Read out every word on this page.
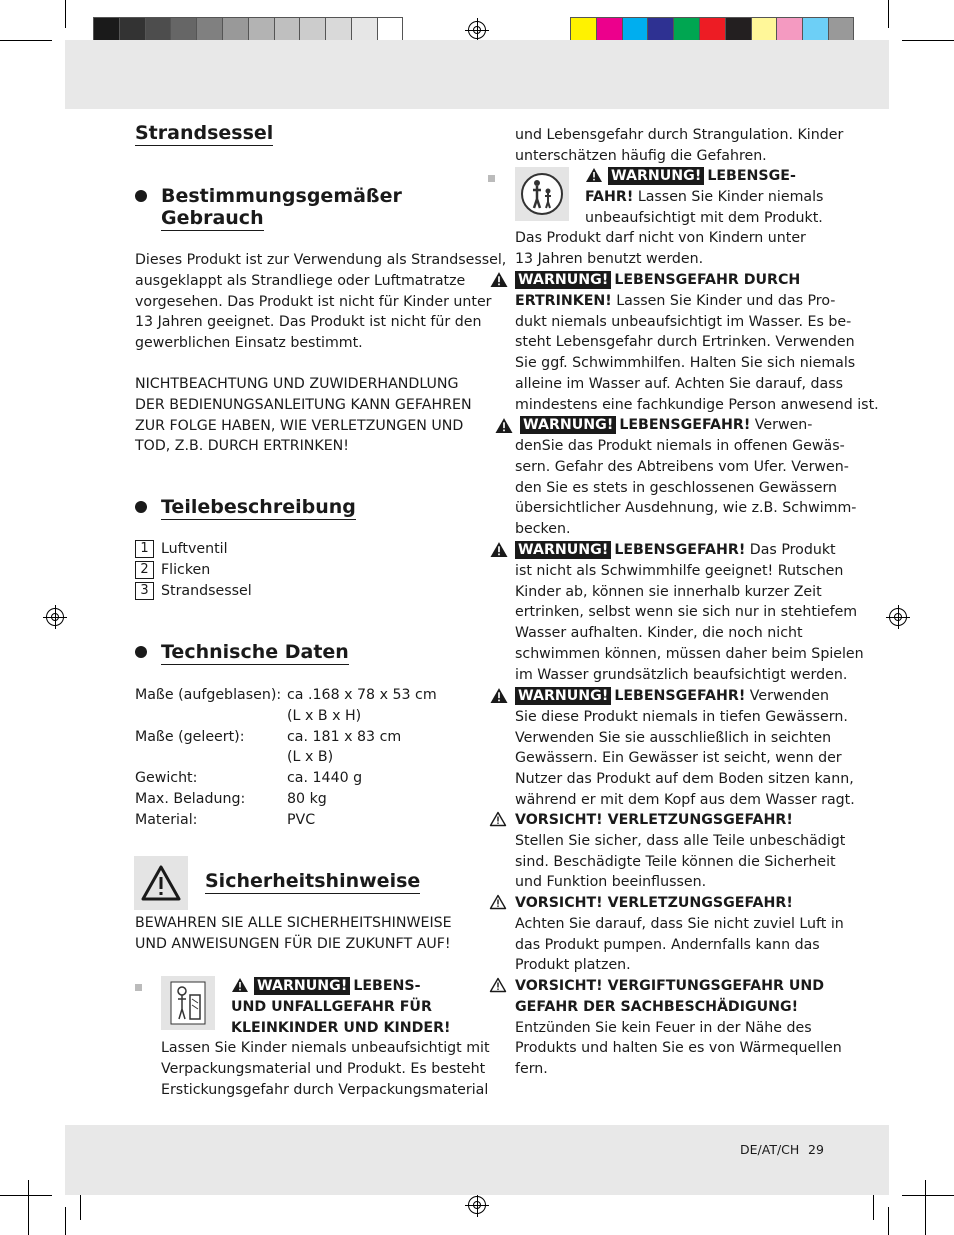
DE/AT/CH 29
Strandsessel
Bestimmungsgemäßer
Gebrauch

Dieses Produkt ist zur Verwendung als Strandsessel,

ausgeklappt als Strandliege oder Luftmatratze

vorgesehen. Das Produkt ist nicht für Kinder unter

13 Jahren geeignet. Das Produkt ist nicht für den

gewerblichen Einsatz bestimmt.

NICHTBEACHTUNG UND ZUWIDERHANDLUNG

DER BEDIENUNGSANLEITUNG KANN GEFAHREN

ZUR FOLGE HABEN, WIE VERLETZUNGEN UND

TOD, Z.B. DURCH ERTRINKEN!

Teilebeschreibung

1 Luftventil

2 Flicken

3 Strandsessel

Technische Daten
Maße (aufgeblasen): ca .168 x 78 x 53 cm
(L x B x H)
Maße (geleert):	ca. 181 x 83 cm
(L x B)
Gewicht:	ca. 1440 g
Max. Beladung:	80 kg
Material:	PVC
Sicherheitshinweise

BEWAHREN SIE ALLE SICHERHEITSHINWEISE

UND ANWEISUNGEN FÜR DIE ZUKUNFT AUF!

WARNUNG! LEBENS-

UND UNFALLGEFAHR FÜR

KLEINKINDER UND KINDER!

Lassen Sie Kinder niemals unbeaufsichtigt mit

Verpackungsmaterial und Produkt. Es besteht

Erstickungsgefahr durch Verpackungsmaterial

und Lebensgefahr durch Strangulation. Kinder

unterschätzen häufig die Gefahren.

WARNUNG! LEBENSGE-

FAHR! Lassen Sie Kinder niemals

unbeaufsichtigt mit dem Produkt.

Das Produkt darf nicht von Kindern unter

13 Jahren benutzt werden.

WARNUNG! LEBENSGEFAHR DURCH

ERTRINKEN! Lassen Sie Kinder und das Pro-

dukt niemals unbeaufsichtigt im Wasser. Es be-

steht Lebensgefahr durch Ertrinken. Verwenden

Sie ggf. Schwimmhilfen. Halten Sie sich niemals

alleine im Wasser auf. Achten Sie darauf, dass

mindestens eine fachkundige Person anwesend ist.

WARNUNG! LEBENSGEFAHR! Verwen-

denSie das Produkt niemals in offenen Gewäs-

sern. Gefahr des Abtreibens vom Ufer. Verwen-

den Sie es stets in geschlossenen Gewässern

übersichtlicher Ausdehnung, wie z.B. Schwimm-

becken.

WARNUNG! LEBENSGEFAHR! Das Produkt

ist nicht als Schwimmhilfe geeignet! Rutschen

Kinder ab, können sie innerhalb kurzer Zeit

ertrinken, selbst wenn sie sich nur in stehtiefem

Wasser aufhalten. Kinder, die noch nicht

schwimmen können, müssen daher beim Spielen

im Wasser grundsätzlich beaufsichtigt werden.

WARNUNG! LEBENSGEFAHR! Verwenden

Sie diese Produkt niemals in tiefen Gewässern.

Verwenden Sie sie ausschließlich in seichten

Gewässern. Ein Gewässer ist seicht, wenn der

Nutzer das Produkt auf dem Boden sitzen kann,

während er mit dem Kopf aus dem Wasser ragt.

VORSICHT! VERLETZUNGSGEFAHR!

Stellen Sie sicher, dass alle Teile unbeschädigt

sind. Beschädigte Teile können die Sicherheit

und Funktion beeinflussen.

VORSICHT! VERLETZUNGSGEFAHR!

Achten Sie darauf, dass Sie nicht zuviel Luft in

das Produkt pumpen. Andernfalls kann das

Produkt platzen.

VORSICHT! VERGIFTUNGSGEFAHR UND

GEFAHR DER SACHBESCHÄDIGUNG!

Entzünden Sie kein Feuer in der Nähe des

Produkts und halten Sie es von Wärmequellen

fern.
